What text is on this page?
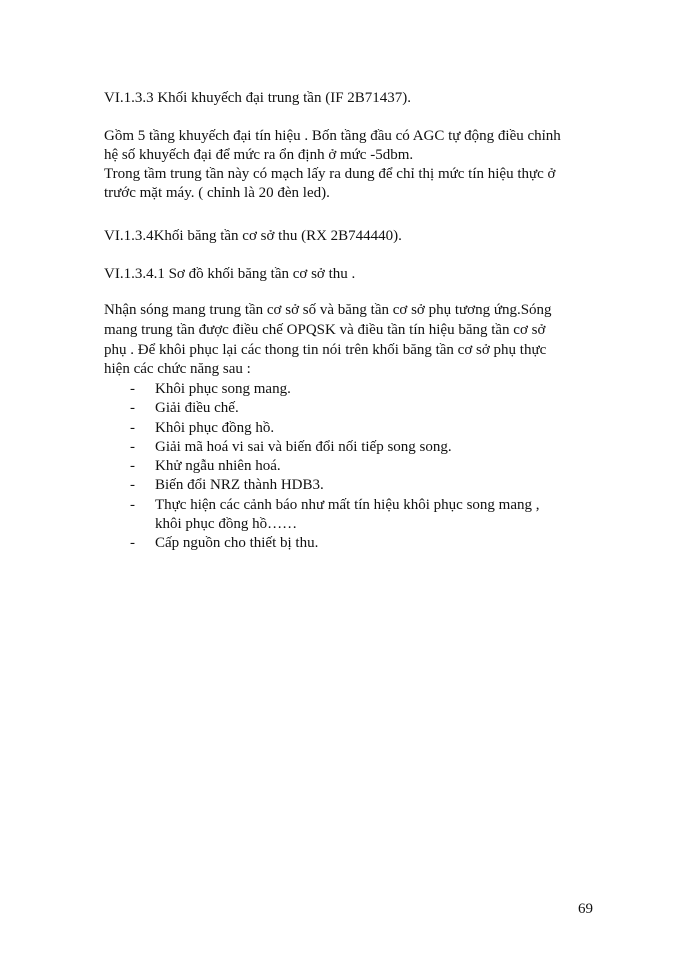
VI.1.3.3 Khối khuyếch đại trung tần (IF 2B71437).
Gồm 5 tầng khuyếch đại tín hiệu . Bốn tầng đầu có AGC tự động điều chỉnh
hệ số khuyếch đại để mức ra ổn định ở mức -5dbm.
Trong tầm trung tần này có mạch lấy ra dung để chỉ thị mức tín hiệu thực ở
trước mặt máy. ( chỉnh là 20 đèn led).
VI.1.3.4Khối băng tần cơ sở thu (RX 2B744440).
VI.1.3.4.1 Sơ đồ khối băng tần cơ sở thu .
Nhận sóng mang trung tần cơ sở số và băng tần cơ sở phụ tương ứng.Sóng
mang trung tần được điều chế OPQSK và điều tần tín hiệu băng tần cơ sở
phụ . Để khôi phục lại các thong tin nói trên khối băng tần cơ sở phụ thực
hiện các chức năng sau :
- Khôi phục song mang.
- Giải điều chế.
- Khôi phục đồng hồ.
- Giải mã hoá vi sai và biến đổi nối tiếp song song.
- Khử ngẫu nhiên hoá.
- Biến đổi NRZ thành HDB3.
- Thực hiện các cảnh báo như mất tín hiệu khôi phục song mang ,
khôi phục đồng hồ……
- Cấp nguồn cho thiết bị thu.
69
